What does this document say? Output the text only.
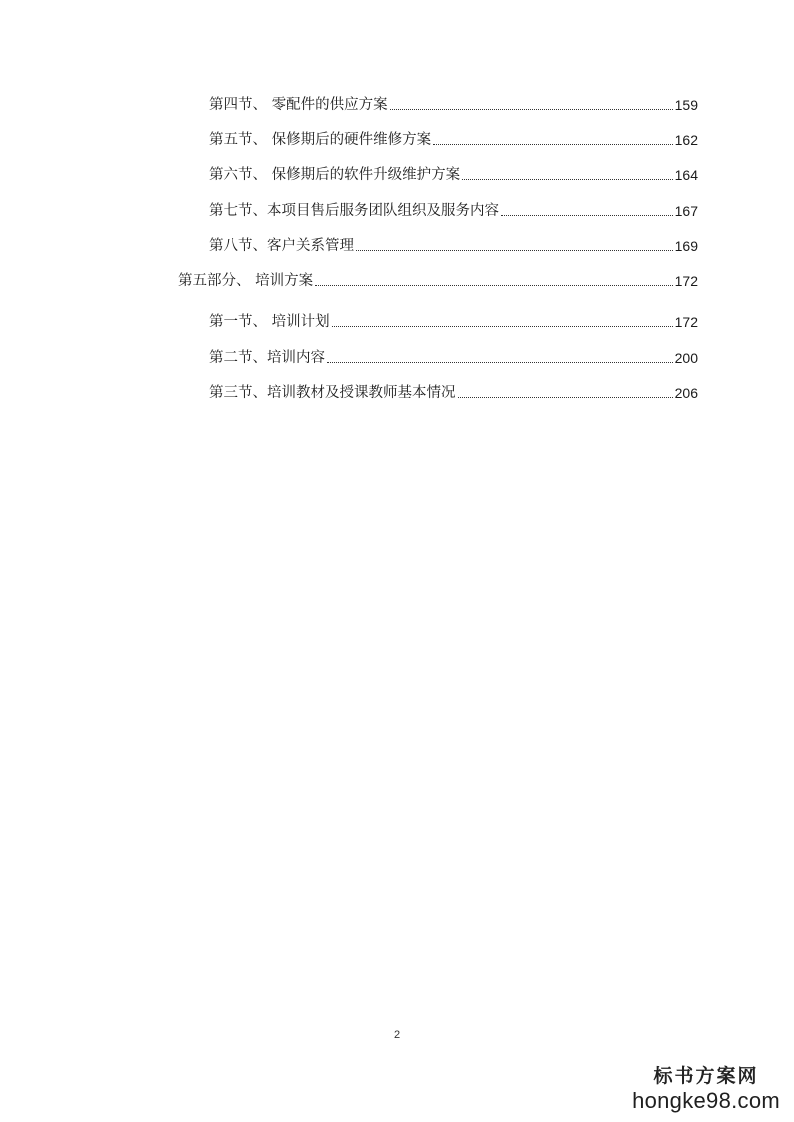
第四节、 零配件的供应方案	159
第五节、 保修期后的硬件维修方案	162
第六节、 保修期后的软件升级维护方案	164
第七节、本项目售后服务团队组织及服务内容	167
第八节、客户关系管理	169
第五部分、 培训方案	172
第一节、 培训计划	172
第二节、培训内容	200
第三节、培训教材及授课教师基本情况	206
2
标书方案网
hongke98.com
